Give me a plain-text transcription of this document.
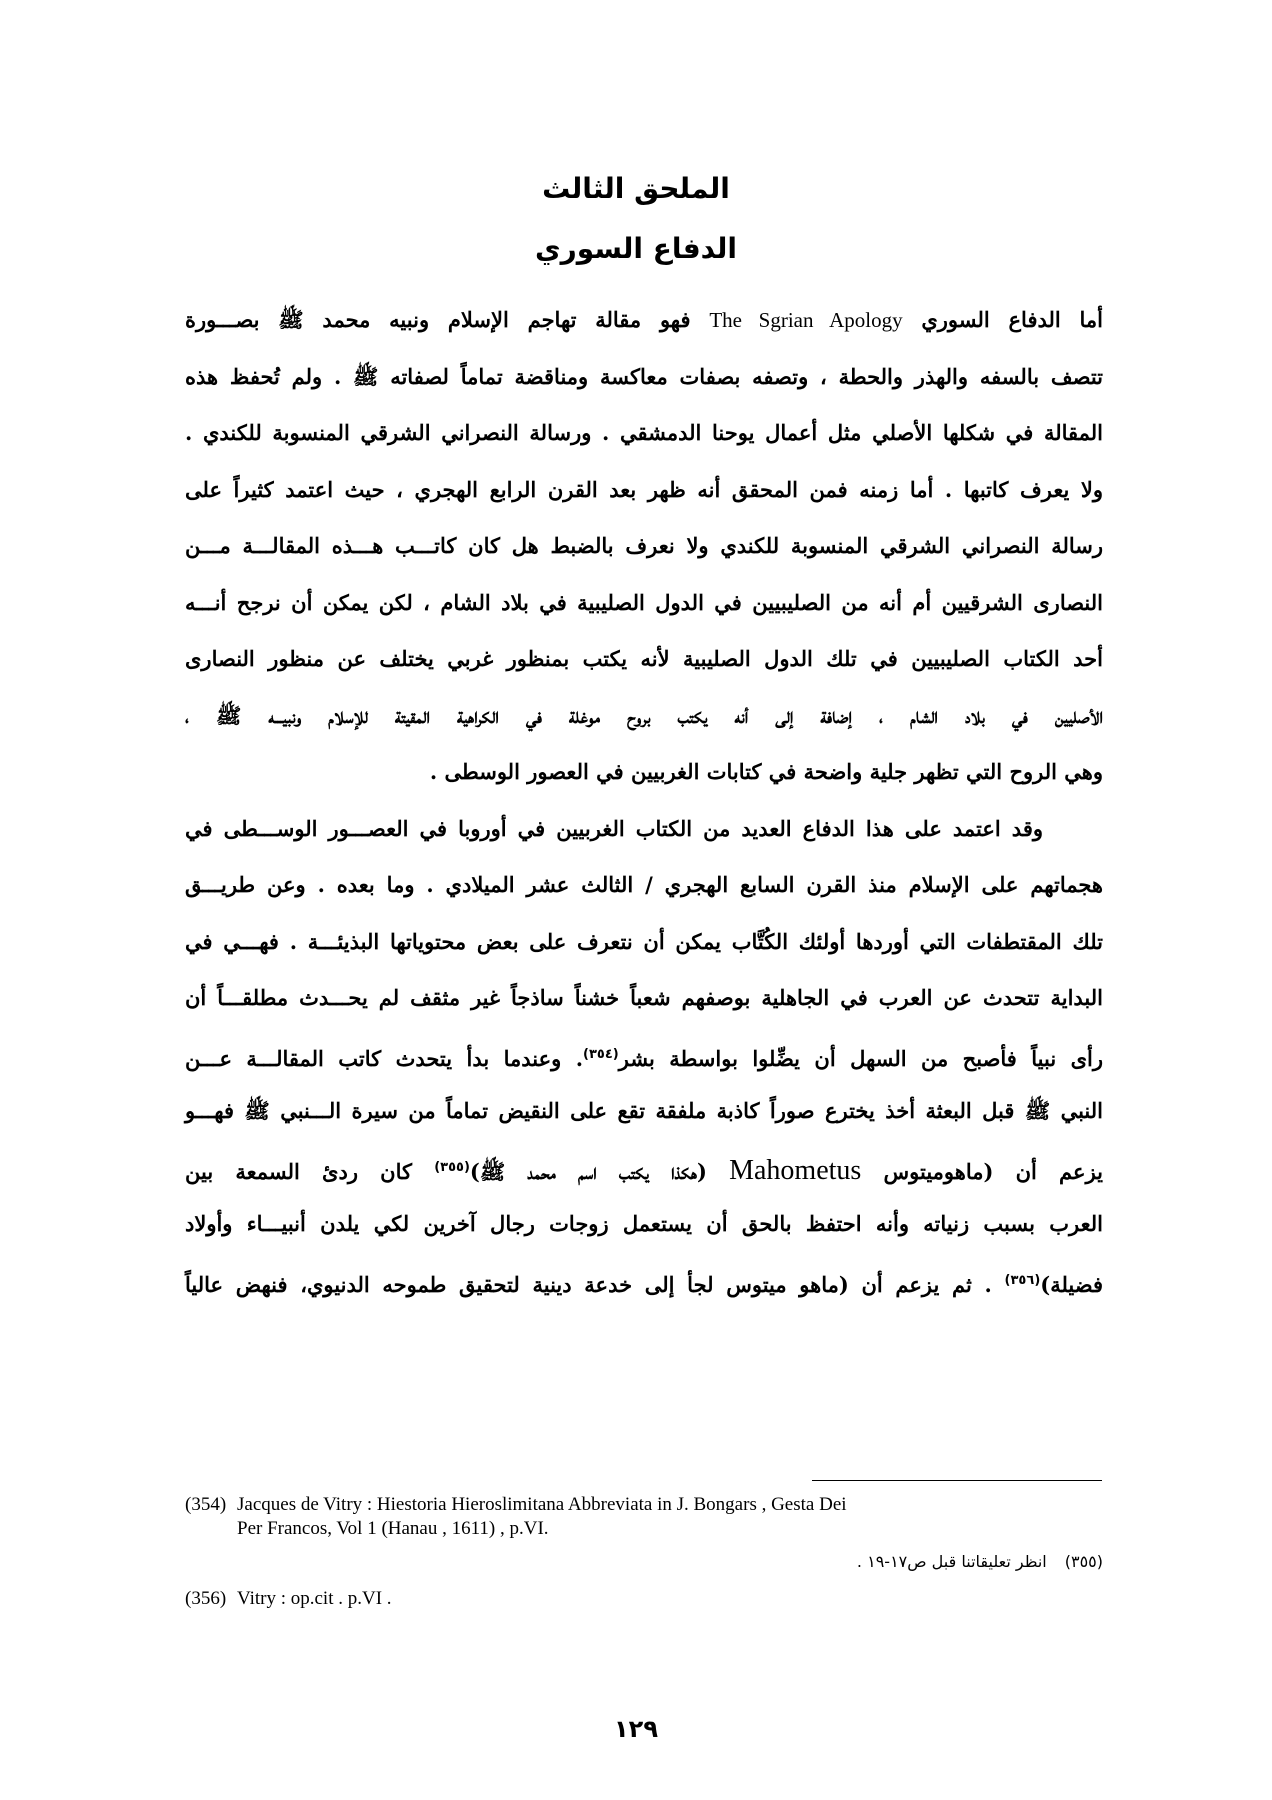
الملحق الثالث
الدفاع السوري
أما الدفاع السوري The Sgrian Apology فهو مقالة تهاجم الإسلام ونبيه محمد ﷺ بصـــورة
تتصف بالسفه والهذر والحطة ، وتصفه بصفات معاكسة ومناقضة تماماً لصفاته ﷺ . ولم تُحفظ هذه
المقالة في شكلها الأصلي مثل أعمال يوحنا الدمشقي . ورسالة النصراني الشرقي المنسوبة للكندي .
ولا يعرف كاتبها . أما زمنه فمن المحقق أنه ظهر بعد القرن الرابع الهجري ، حيث اعتمد كثيراً على
رسالة النصراني الشرقي المنسوبة للكندي ولا نعرف بالضبط هل كان كاتـــب هـــذه المقالـــة مـــن
النصارى الشرقيين أم أنه من الصليبيين في الدول الصليبية في بلاد الشام ، لكن يمكن أن نرجح أنـــه
أحد الكتاب الصليبيين في تلك الدول الصليبية لأنه يكتب بمنظور غربي يختلف عن منظور النصارى
الأصليين في بلاد الشام ، إضافة إلى أنه يكتب بروح موغلة في الكراهية المقيتة للإسلام ونبيـــه ﷺ ،
وهي الروح التي تظهر جلية واضحة في كتابات الغربيين في العصور الوسطى .
وقد اعتمد على هذا الدفاع العديد من الكتاب الغربيين في أوروبا في العصـــور الوســـطى في
هجماتهم على الإسلام منذ القرن السابع الهجري / الثالث عشر الميلادي . وما بعده . وعن طريـــق
تلك المقتطفات التي أوردها أولئك الكُتَّاب يمكن أن نتعرف على بعض محتوياتها البذيئـــة . فهـــي في
البداية تتحدث عن العرب في الجاهلية بوصفهم شعباً خشناً ساذجاً غير مثقف لم يحـــدث مطلقـــاً أن
رأى نبياً فأصبح من السهل أن يضِّلوا بواسطة بشر$^{(٣٥٤)}$. وعندما بدأ يتحدث كاتب المقالـــة عـــن
النبي ﷺ قبل البعثة أخذ يخترع صوراً كاذبة ملفقة تقع على النقيض تماماً من سيرة الـــنبي ﷺ فهـــو
يزعم أن (ماهوميتوس Mahometus (هكذا يكتب اسم محمد ﷺ)$^{(٣٥٥)}$ كان ردئ السمعة بين
العرب بسبب زنياته وأنه احتفظ بالحق أن يستعمل زوجات رجال آخرين لكي يلدن أنبيـــاء وأولاد
فضيلة)$^{(٣٥٦)}$ . ثم يزعم أن (ماهو ميتوس لجأ إلى خدعة دينية لتحقيق طموحه الدنيوي، فنهض عالياً
(354) Jacques de Vitry : Hiestoria Hieroslimitana Abbreviata in J. Bongars , Gesta Dei
Per Francos, Vol 1 (Hanau , 1611) , p.VI.
(٣٥٥)انظر تعليقاتنا قبل ص١٧-١٩ .
(356) Vitry : op.cit . p.VI .
١٢٩
